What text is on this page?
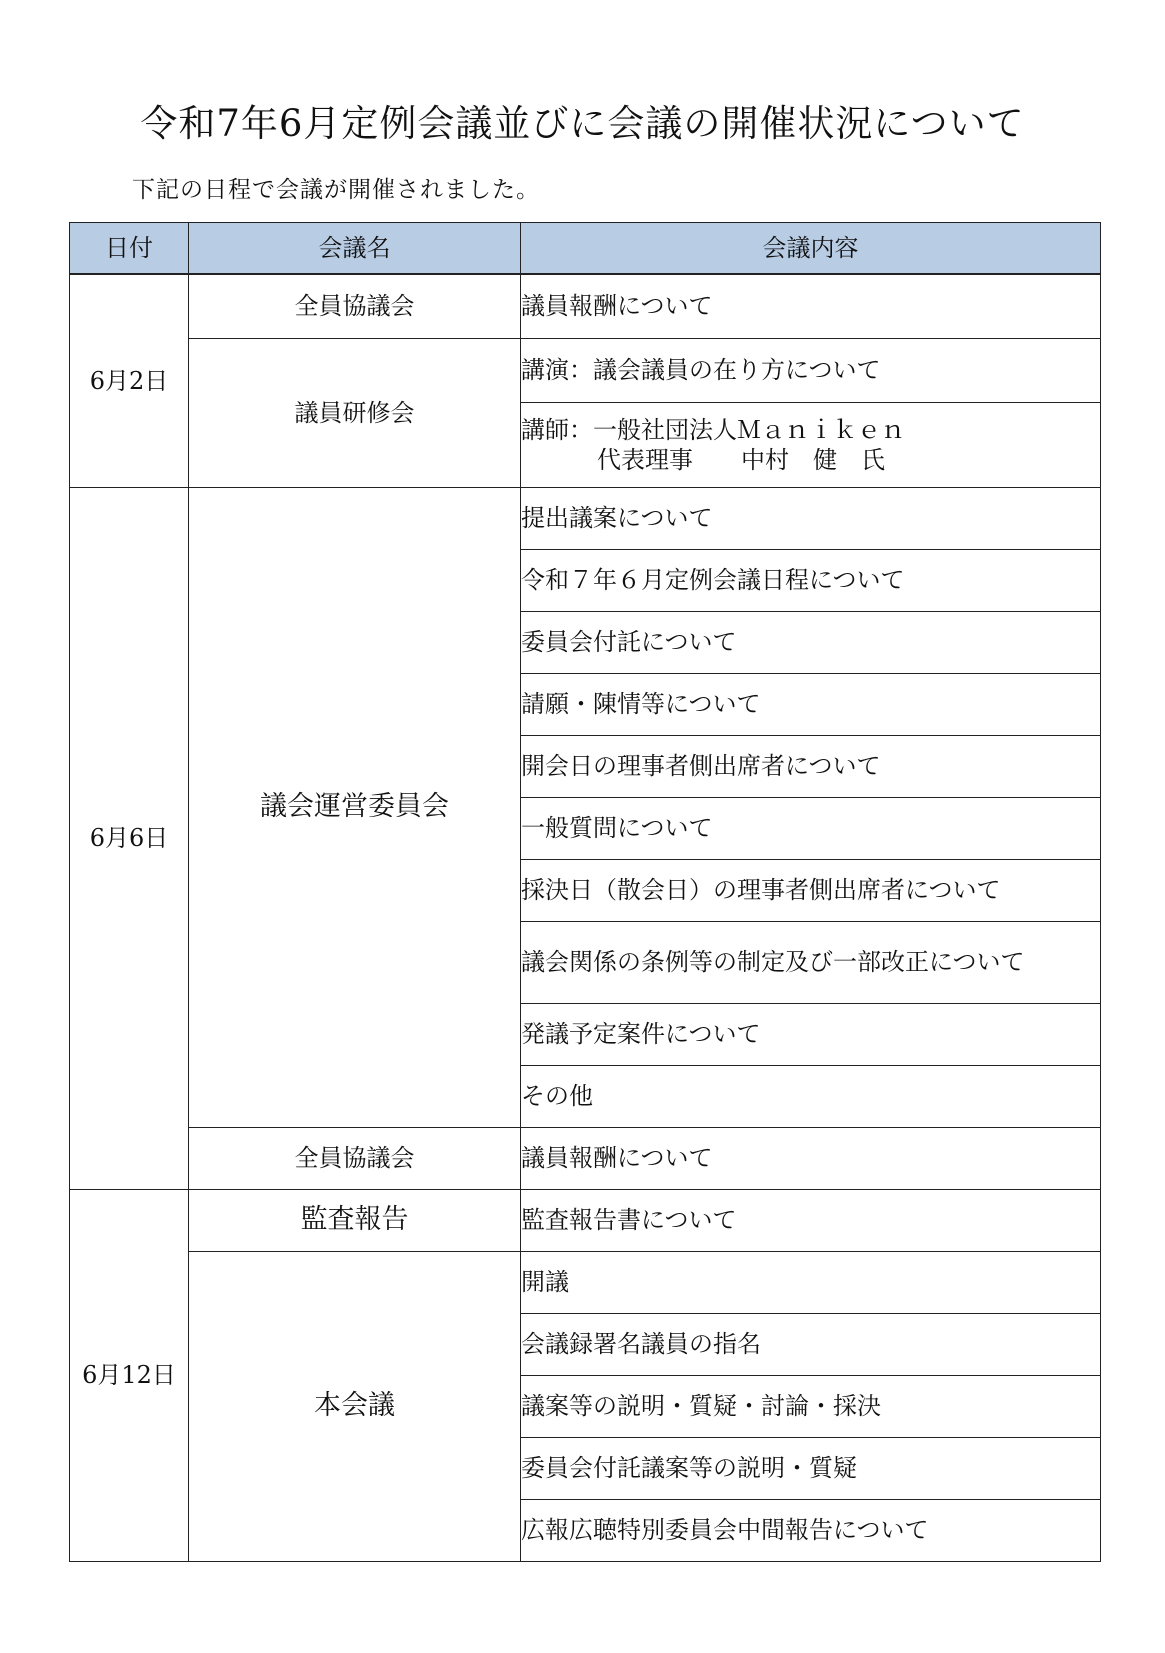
令和7年6月定例会議並びに会議の開催状況について
下記の日程で会議が開催されました。
日付	会議名	会議内容
6月2日	全員協議会	議員報酬について
	議員研修会	講演：議会議員の在り方について

		講師：一般社団法人Ｍａｎｉｋｅｎ
代表理事　　中村　健　氏

6月6日	議会運営委員会	提出議案について
		令和７年６月定例会議日程について
		委員会付託について
		請願・陳情等について
		開会日の理事者側出席者について
		一般質問について
		採決日（散会日）の理事者側出席者について
		議会関係の条例等の制定及び一部改正について
		発議予定案件について
		その他
	全員協議会	議員報酬について
6月12日	監査報告	監査報告書について
	本会議	開議
		会議録署名議員の指名
		議案等の説明・質疑・討論・採決
		委員会付託議案等の説明・質疑
		広報広聴特別委員会中間報告について
